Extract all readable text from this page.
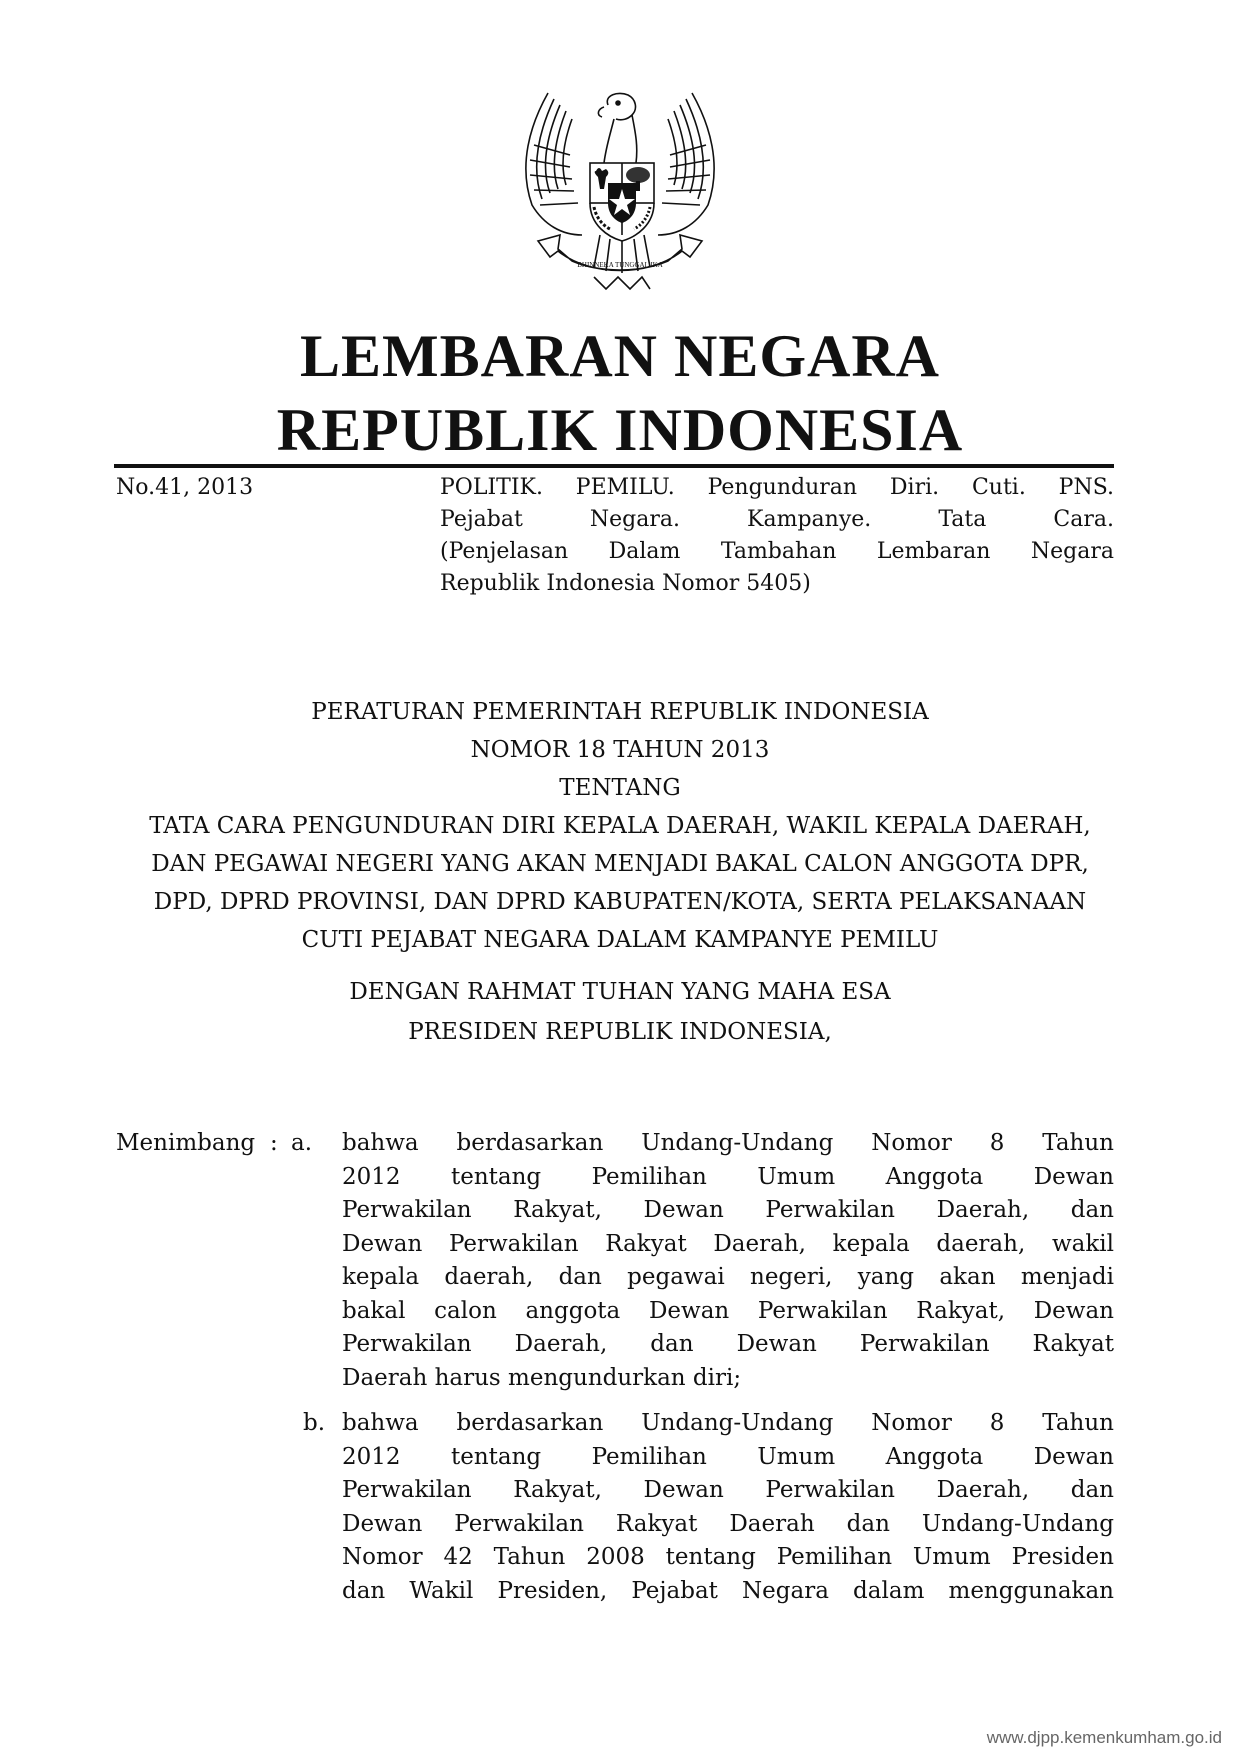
BHINNEKA TUNGGAL IKA
LEMBARAN NEGARA
REPUBLIK INDONESIA
No.41, 2013	POLITIK. PEMILU. Pengunduran Diri. Cuti. PNS.
Pejabat Negara. Kampanye. Tata Cara.
(Penjelasan Dalam Tambahan Lembaran Negara
Republik Indonesia Nomor 5405)
PERATURAN PEMERINTAH REPUBLIK INDONESIA
NOMOR 18 TAHUN 2013
TENTANG
TATA CARA PENGUNDURAN DIRI KEPALA DAERAH, WAKIL KEPALA DAERAH,
DAN PEGAWAI NEGERI YANG AKAN MENJADI BAKAL CALON ANGGOTA DPR,
DPD, DPRD PROVINSI, DAN DPRD KABUPATEN/KOTA, SERTA PELAKSANAAN
CUTI PEJABAT NEGARA DALAM KAMPANYE PEMILU
DENGAN RAHMAT TUHAN YANG MAHA ESA
PRESIDEN REPUBLIK INDONESIA,
Menimbang : a. bahwa berdasarkan Undang-Undang Nomor 8 Tahun
2012 tentang Pemilihan Umum Anggota Dewan
Perwakilan Rakyat, Dewan Perwakilan Daerah, dan
Dewan Perwakilan Rakyat Daerah, kepala daerah, wakil
kepala daerah, dan pegawai negeri, yang akan menjadi
bakal calon anggota Dewan Perwakilan Rakyat, Dewan
Perwakilan Daerah, dan Dewan Perwakilan Rakyat
Daerah harus mengundurkan diri;
b. bahwa berdasarkan Undang-Undang Nomor 8 Tahun
2012 tentang Pemilihan Umum Anggota Dewan
Perwakilan Rakyat, Dewan Perwakilan Daerah, dan
Dewan Perwakilan Rakyat Daerah dan Undang-Undang
Nomor 42 Tahun 2008 tentang Pemilihan Umum Presiden
dan Wakil Presiden, Pejabat Negara dalam menggunakan
www.djpp.kemenkumham.go.id
